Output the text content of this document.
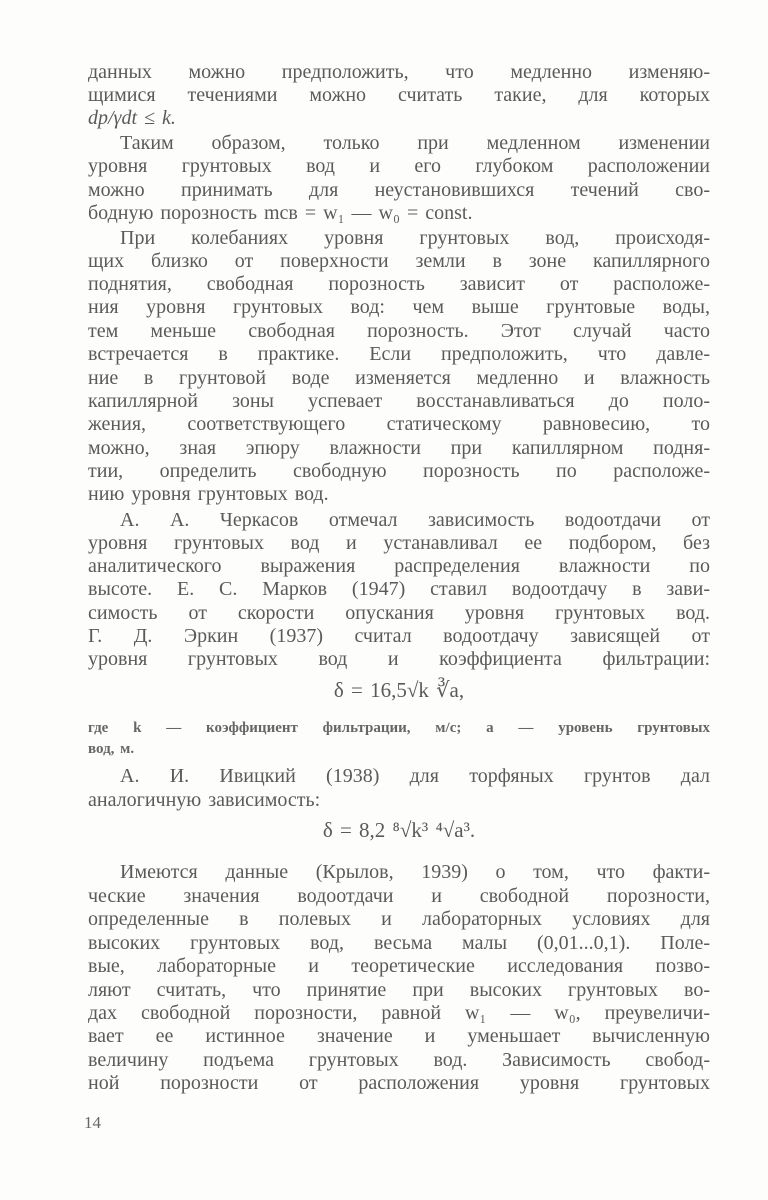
данных можно предположить, что медленно изменяю-
щимися течениями можно считать такие, для которых
dp/γdt ≤ k.
Таким образом, только при медленном изменении
уровня грунтовых вод и его глубоком расположении
можно принимать для неустановившихся течений сво-
бодную порозность mсв = w₁ — w₀ = const.
При колебаниях уровня грунтовых вод, происходя-
щих близко от поверхности земли в зоне капиллярного
поднятия, свободная порозность зависит от расположе-
ния уровня грунтовых вод: чем выше грунтовые воды,
тем меньше свободная порозность. Этот случай часто
встречается в практике. Если предположить, что давле-
ние в грунтовой воде изменяется медленно и влажность
капиллярной зоны успевает восстанавливаться до поло-
жения, соответствующего статическому равновесию, то
можно, зная эпюру влажности при капиллярном подня-
тии, определить свободную порозность по расположе-
нию уровня грунтовых вод.
А. А. Черкасов отмечал зависимость водоотдачи от
уровня грунтовых вод и устанавливал ее подбором, без
аналитического выражения распределения влажности по
высоте. Е. С. Марков (1947) ставил водоотдачу в зави-
симость от скорости опускания уровня грунтовых вод.
Г. Д. Эркин (1937) считал водоотдачу зависящей от
уровня грунтовых вод и коэффициента фильтрации:
δ = 16,5√k ∛a,
где k — коэффициент фильтрации, м/с; a — уровень грунтовых
вод, м.
А. И. Ивицкий (1938) для торфяных грунтов дал
аналогичную зависимость:
δ = 8,2 ⁸√k³ ⁴√a³.
Имеются данные (Крылов, 1939) о том, что факти-
ческие значения водоотдачи и свободной порозности,
определенные в полевых и лабораторных условиях для
высоких грунтовых вод, весьма малы (0,01...0,1). Поле-
вые, лабораторные и теоретические исследования позво-
ляют считать, что принятие при высоких грунтовых во-
дах свободной порозности, равной w₁ — w₀, преувеличи-
вает ее истинное значение и уменьшает вычисленную
величину подъема грунтовых вод. Зависимость свобод-
ной порозности от расположения уровня грунтовых
14
